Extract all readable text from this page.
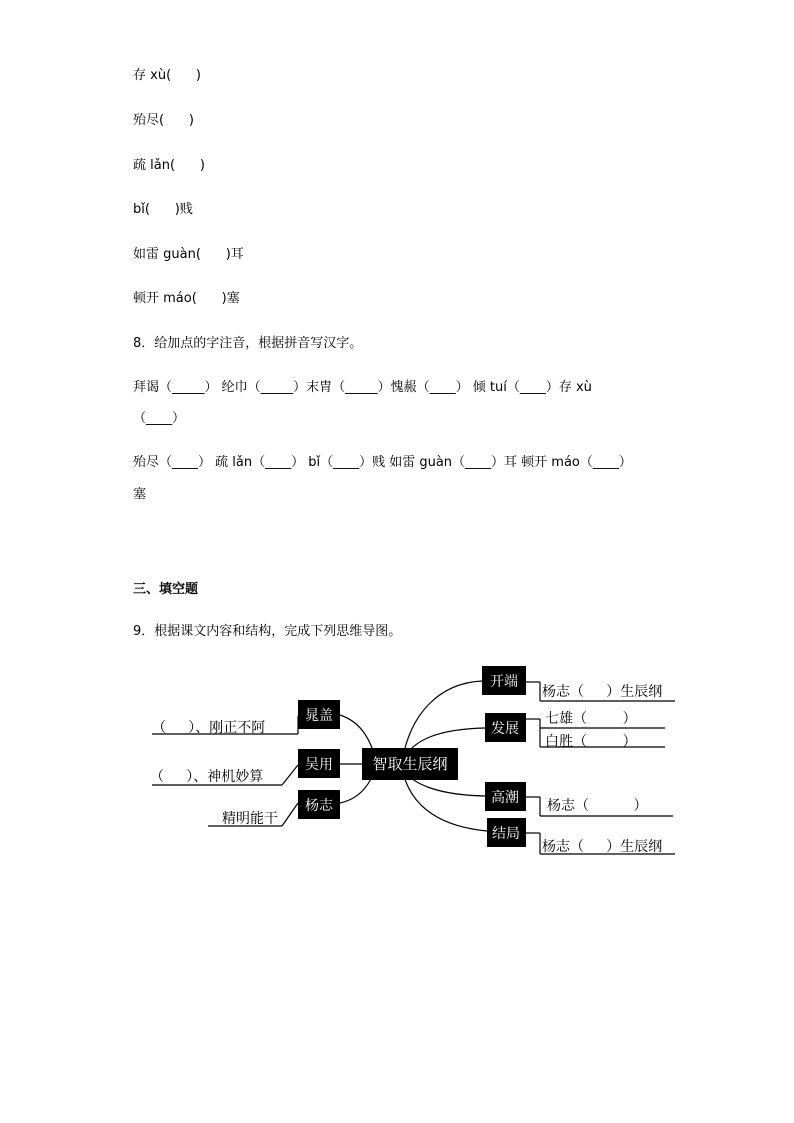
存 xù(      )
殆尽(      )
疏 lǎn(      )
bǐ(      )贱
如雷 guàn(      )耳
顿开 máo(      )塞
8．给加点的字注音，根据拼音写汉字。
拜谒（_____） 纶巾（_____）末胄（_____）愧赧（____） 倾 tuí（____）存 xù
（____）
殆尽（____） 疏 lǎn（____） bǐ（____）贱 如雷 guàn（____）耳 顿开 máo（____）
塞
三、填空题
9．根据课文内容和结构，完成下列思维导图。
智取生辰纲
晁盖
吴用
杨志
（     ）、刚正不阿
（     ）、神机妙算
精明能干
开端
发展
高潮
结局
杨志（     ）生辰纲
七雄（        ）
白胜（        ）
杨志（          ）
杨志（     ）生辰纲
